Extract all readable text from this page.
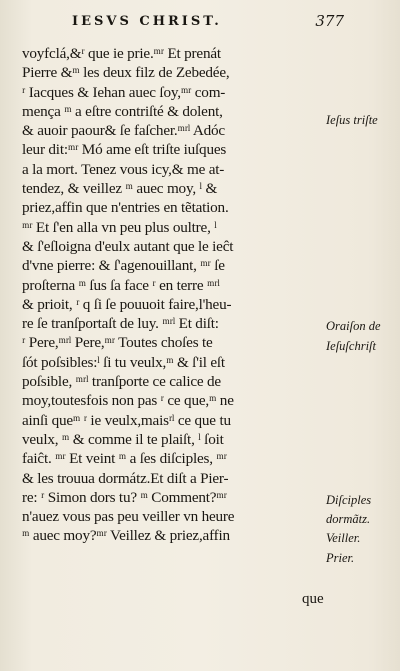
IESVS CHRIST.	377
voyfclá,&ʳ que ie prie.ᵐʳ Et prenát
Pierre &ᵐ les deux filz de Zebedée,
ʳ Iacques & Iehan auec ſoy,ᵐʳ com-
mença ᵐ a eſtre contriſté & dolent,
& auoir paour& ſe faſcher.ᵐʳˡ Adóc
leur dit:ᵐʳ Mó ame eſt triſte iuſques
a la mort. Tenez vous icy,& me at-
tendez, & veillez ᵐ auec moy, ˡ &
priez,affin que n'entries en tẽtation.
ᵐʳ Et ſ'en alla vn peu plus oultre, ˡ
& ſ'eſloigna d'eulx autant que le ieĉt
d'vne pierre: & ſ'agenouillant, ᵐʳ ſe
proſterna ᵐ ſus ſa face ʳ en terre ᵐʳˡ
& prioit, ʳ q ſi ſe pouuoit faire,l'heu-
re ſe tranſportaſt de luy. ᵐʳˡ Et diſt:
ʳ Pere,ᵐʳˡ Pere,ᵐʳ Toutes choſes te
ſót poſsibles:ˡ ſi tu veulx,ᵐ & ſ'il eſt
poſsible, ᵐʳˡ tranſporte ce calice de
moy,toutesfois non pas ʳ ce que,ᵐ ne
ainſi queᵐ ʳ ie veulx,maisʳˡ ce que tu
veulx, ᵐ & comme il te plaiſt, ˡ ſoit
faiĉt. ᵐʳ Et veint ᵐ a ſes diſciples, ᵐʳ
& les trouua dormátz.Et diſt a Pier-
re: ʳ Simon dors tu? ᵐ Comment?ᵐʳ
n'auez vous pas peu veiller vn heure
ᵐ auec moy?ᵐʳ Veillez & priez,affin
Ieſus triſte
Oraiſon de
Ieſuſchriſt
Diſciples
dormãtz.
Veiller.
Prier.
que
